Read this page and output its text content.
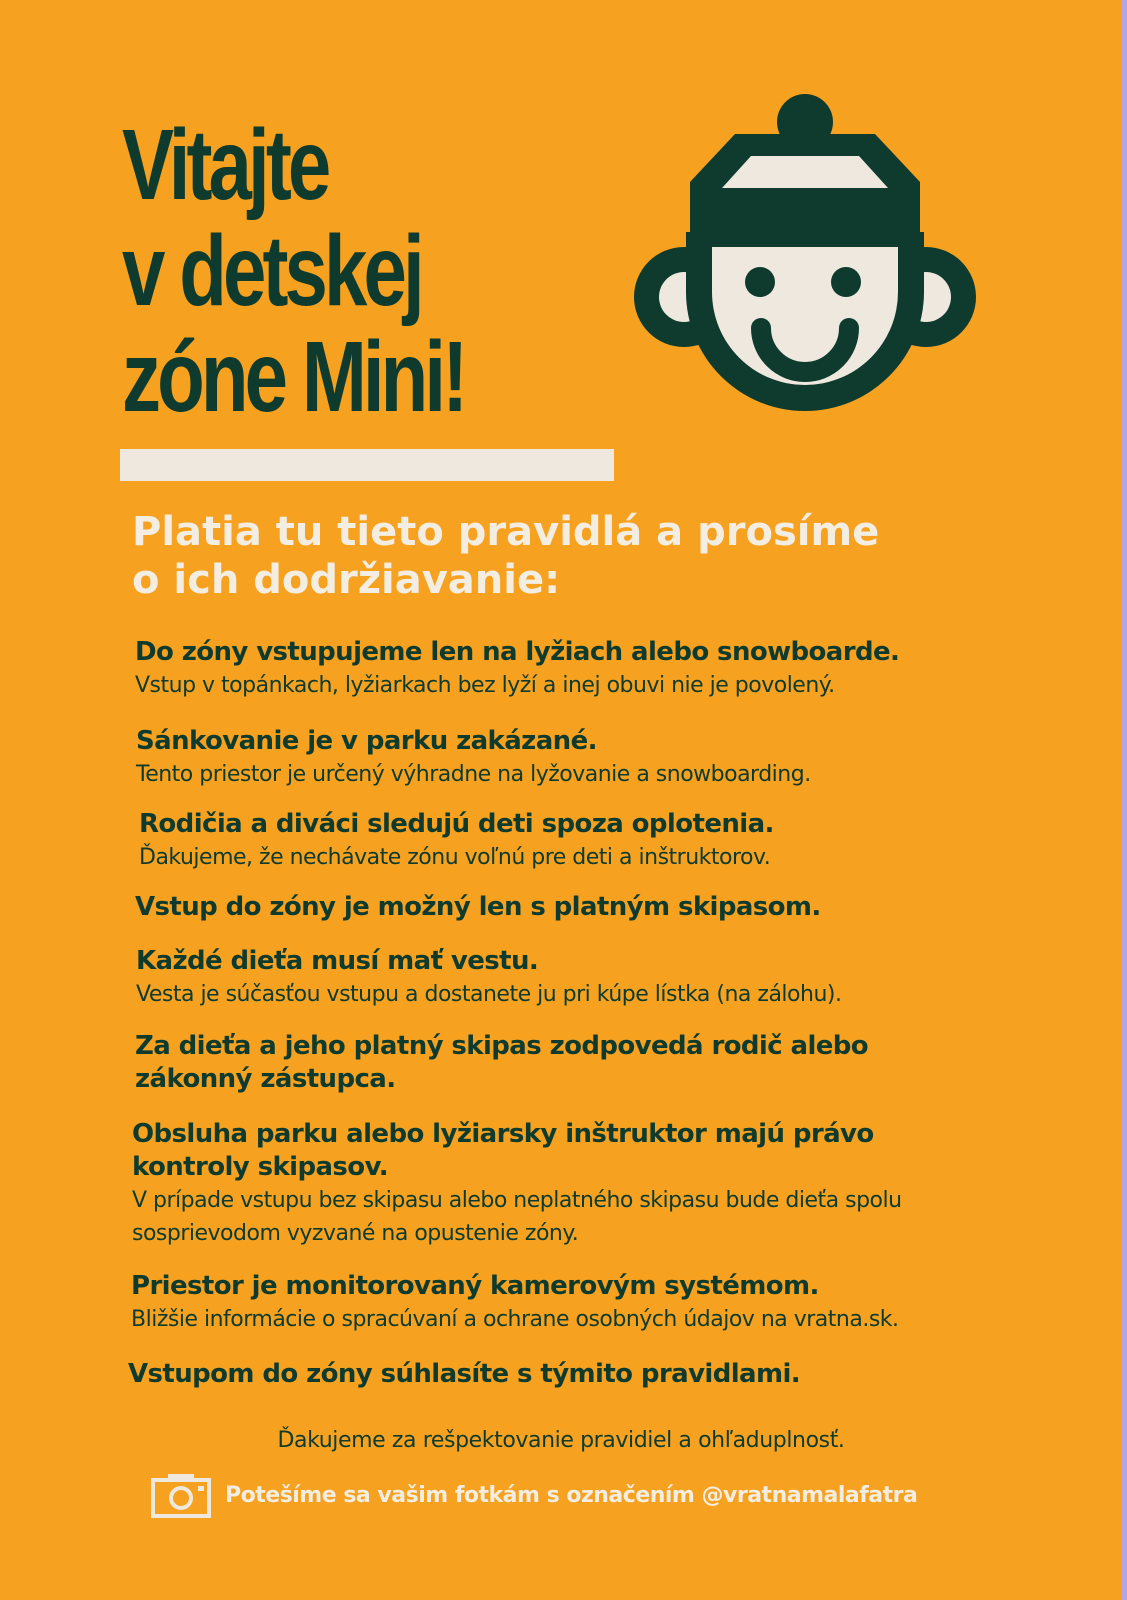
Vitajte
v detskej
zóne Mini!
Platia tu tieto pravidlá a prosíme
o ich dodržiavanie:
Do zóny vstupujeme len na lyžiach alebo snowboarde.
Vstup v topánkach, lyžiarkach bez lyží a inej obuvi nie je povolený.
Sánkovanie je v parku zakázané.
Tento priestor je určený výhradne na lyžovanie a snowboarding.
Rodičia a diváci sledujú deti spoza oplotenia.
Ďakujeme, že nechávate zónu voľnú pre deti a inštruktorov.
Vstup do zóny je možný len s platným skipasom.
Každé dieťa musí mať vestu.
Vesta je súčasťou vstupu a dostanete ju pri kúpe lístka (na zálohu).
Za dieťa a jeho platný skipas zodpovedá rodič alebo zákonný zástupca.
Obsluha parku alebo lyžiarsky inštruktor majú právo kontroly skipasov.
V prípade vstupu bez skipasu alebo neplatného skipasu bude dieťa spolu sosprievodom vyzvané na opustenie zóny.
Priestor je monitorovaný kamerovým systémom.
Bližšie informácie o spracúvaní a ochrane osobných údajov na vratna.sk.
Vstupom do zóny súhlasíte s týmito pravidlami.
Ďakujeme za rešpektovanie pravidiel a ohľaduplnosť.
Potešíme sa vašim fotkám s označením @vratnamalafatra
